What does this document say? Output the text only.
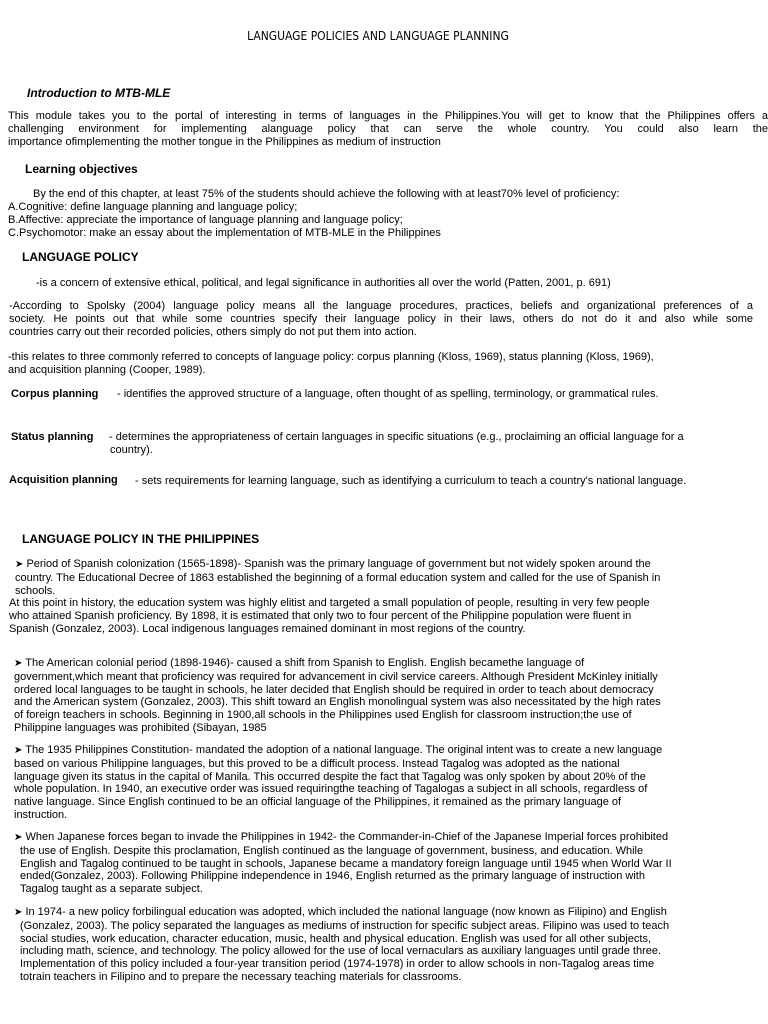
LANGUAGE POLICIES AND LANGUAGE PLANNING
Introduction to MTB-MLE

This module takes you to the portal of interesting in terms of languages in the Philippines.You will get to know that the Philippines offers a

challenging environment for implementing alanguage policy that can serve the whole country. You could also learn the

importance ofimplementing the mother tongue in the Philippines as medium of instruction

Learning objectives
By the end of this chapter, at least 75% of the students should achieve the following with at least70% level of proficiency:

A.Cognitive: define language planning and language policy;

B.Affective: appreciate the importance of language planning and language policy;

C.Psychomotor: make an essay about the implementation of MTB-MLE in the Philippines

LANGUAGE POLICY
-is a concern of extensive ethical, political, and legal significance in authorities all over the world (Patten, 2001, p. 691)

-According to Spolsky (2004) language policy means all the language procedures, practices, beliefs and organizational preferences of a

society. He points out that while some countries specify their language policy in their laws, others do not do it and also while some

countries carry out their recorded policies, others simply do not put them into action.

-this relates to three commonly referred to concepts of language policy: corpus planning (Kloss, 1969), status planning (Kloss, 1969),

and acquisition planning (Cooper, 1989).

Corpus planning - identifies the approved structure of a language, often thought of as spelling, terminology, or grammatical rules.
Status planning - determines the appropriateness of certain languages in specific situations (e.g., proclaiming an official language for a

country).

Acquisition planning - sets requirements for learning language, such as identifying a curriculum to teach a country's national language.
LANGUAGE POLICY IN THE PHILIPPINES

➤ Period of Spanish colonization (1565-1898)- Spanish was the primary language of government but not widely spoken around the

country. The Educational Decree of 1863 established the beginning of a formal education system and called for the use of Spanish in

schools.

At this point in history, the education system was highly elitist and targeted a small population of people, resulting in very few people

who attained Spanish proficiency. By 1898, it is estimated that only two to four percent of the Philippine population were fluent in

Spanish (Gonzalez, 2003). Local indigenous languages remained dominant in most regions of the country.

➤ The American colonial period (1898-1946)- caused a shift from Spanish to English. English becamethe language of

government,which meant that proficiency was required for advancement in civil service careers. Although President McKinley initially

ordered local languages to be taught in schools, he later decided that English should be required in order to teach about democracy

and the American system (Gonzalez, 2003). This shift toward an English monolingual system was also necessitated by the high rates

of foreign teachers in schools. Beginning in 1900,all schools in the Philippines used English for classroom instruction;the use of

Philippine languages was prohibited (Sibayan, 1985

➤ The 1935 Philippines Constitution- mandated the adoption of a national language. The original intent was to create a new language

based on various Philippine languages, but this proved to be a difficult process. Instead Tagalog was adopted as the national

language given its status in the capital of Manila. This occurred despite the fact that Tagalog was only spoken by about 20% of the

whole population. In 1940, an executive order was issued requiringthe teaching of Tagalogas a subject in all schools, regardless of

native language. Since English continued to be an official language of the Philippines, it remained as the primary language of

instruction.

➤ When Japanese forces began to invade the Philippines in 1942- the Commander-in-Chief of the Japanese Imperial forces prohibited

the use of English. Despite this proclamation, English continued as the language of government, business, and education. While

English and Tagalog continued to be taught in schools, Japanese became a mandatory foreign language until 1945 when World War II

ended(Gonzalez, 2003). Following Philippine independence in 1946, English returned as the primary language of instruction with

Tagalog taught as a separate subject.

➤ In 1974- a new policy forbilingual education was adopted, which included the national language (now known as Filipino) and English

(Gonzalez, 2003). The policy separated the languages as mediums of instruction for specific subject areas. Filipino was used to teach

social studies, work education, character education, music, health and physical education. English was used for all other subjects,

including math, science, and technology. The policy allowed for the use of local vernaculars as auxiliary languages until grade three.

Implementation of this policy included a four-year transition period (1974-1978) in order to allow schools in non-Tagalog areas time

totrain teachers in Filipino and to prepare the necessary teaching materials for classrooms.
